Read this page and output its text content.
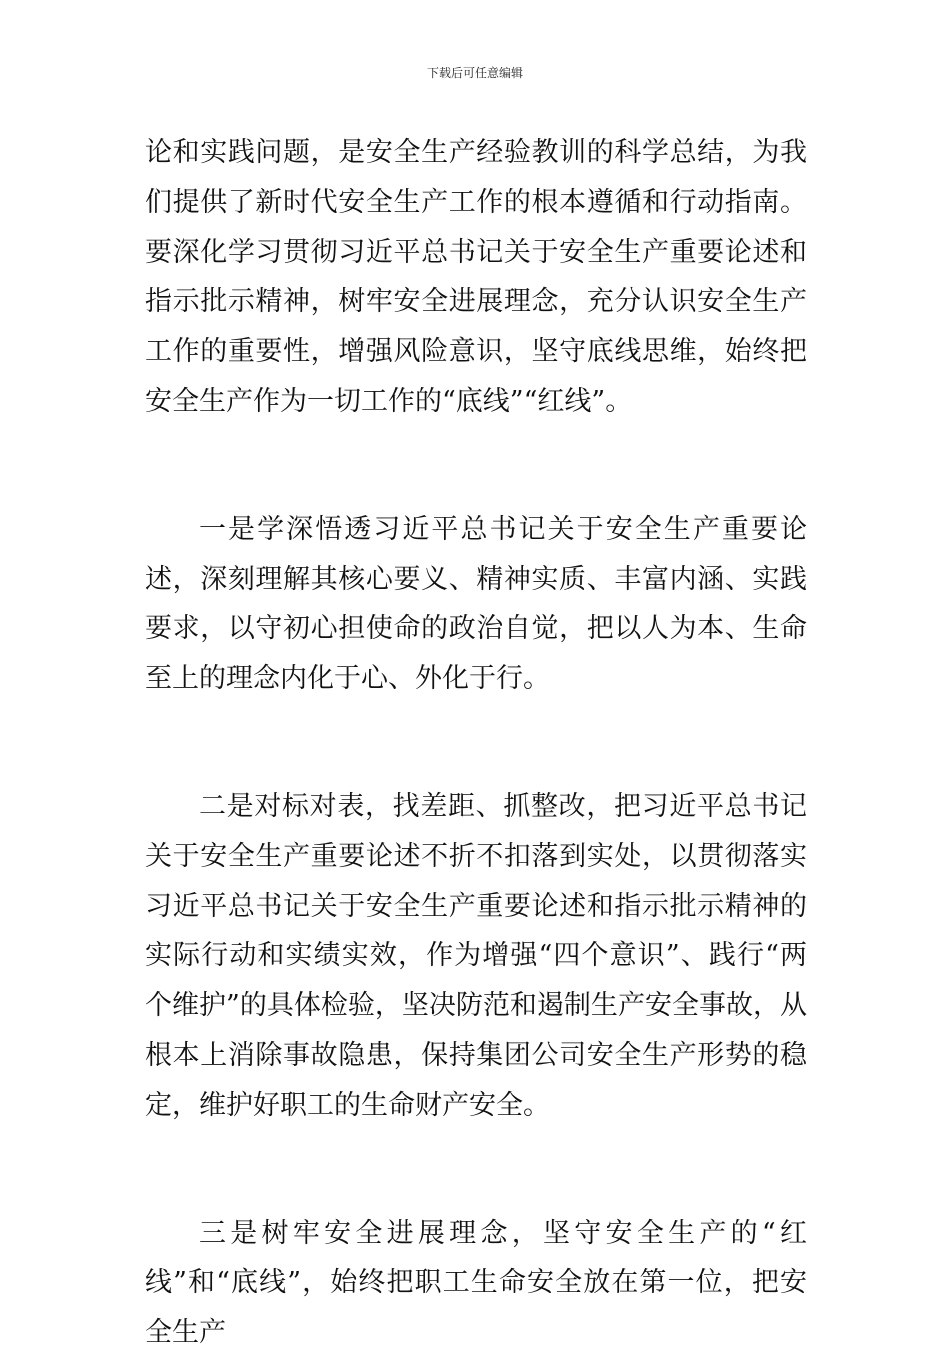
下载后可任意编辑

论和实践问题，是安全生产经验教训的科学总结，为我们提供了新时代安全生产工作的根本遵循和行动指南。要深化学习贯彻习近平总书记关于安全生产重要论述和指示批示精神，树牢安全进展理念，充分认识安全生产工作的重要性，增强风险意识，坚守底线思维，始终把安全生产作为一切工作的“底线”“红线”。

一是学深悟透习近平总书记关于安全生产重要论述，深刻理解其核心要义、精神实质、丰富内涵、实践要求，以守初心担使命的政治自觉，把以人为本、生命至上的理念内化于心、外化于行。

二是对标对表，找差距、抓整改，把习近平总书记关于安全生产重要论述不折不扣落到实处，以贯彻落实习近平总书记关于安全生产重要论述和指示批示精神的实际行动和实绩实效，作为增强“四个意识”、践行“两个维护”的具体检验，坚决防范和遏制生产安全事故，从根本上消除事故隐患，保持集团公司安全生产形势的稳定，维护好职工的生命财产安全。

三是树牢安全进展理念，坚守安全生产的“红线”和“底线”，始终把职工生命安全放在第一位，把安全生产
